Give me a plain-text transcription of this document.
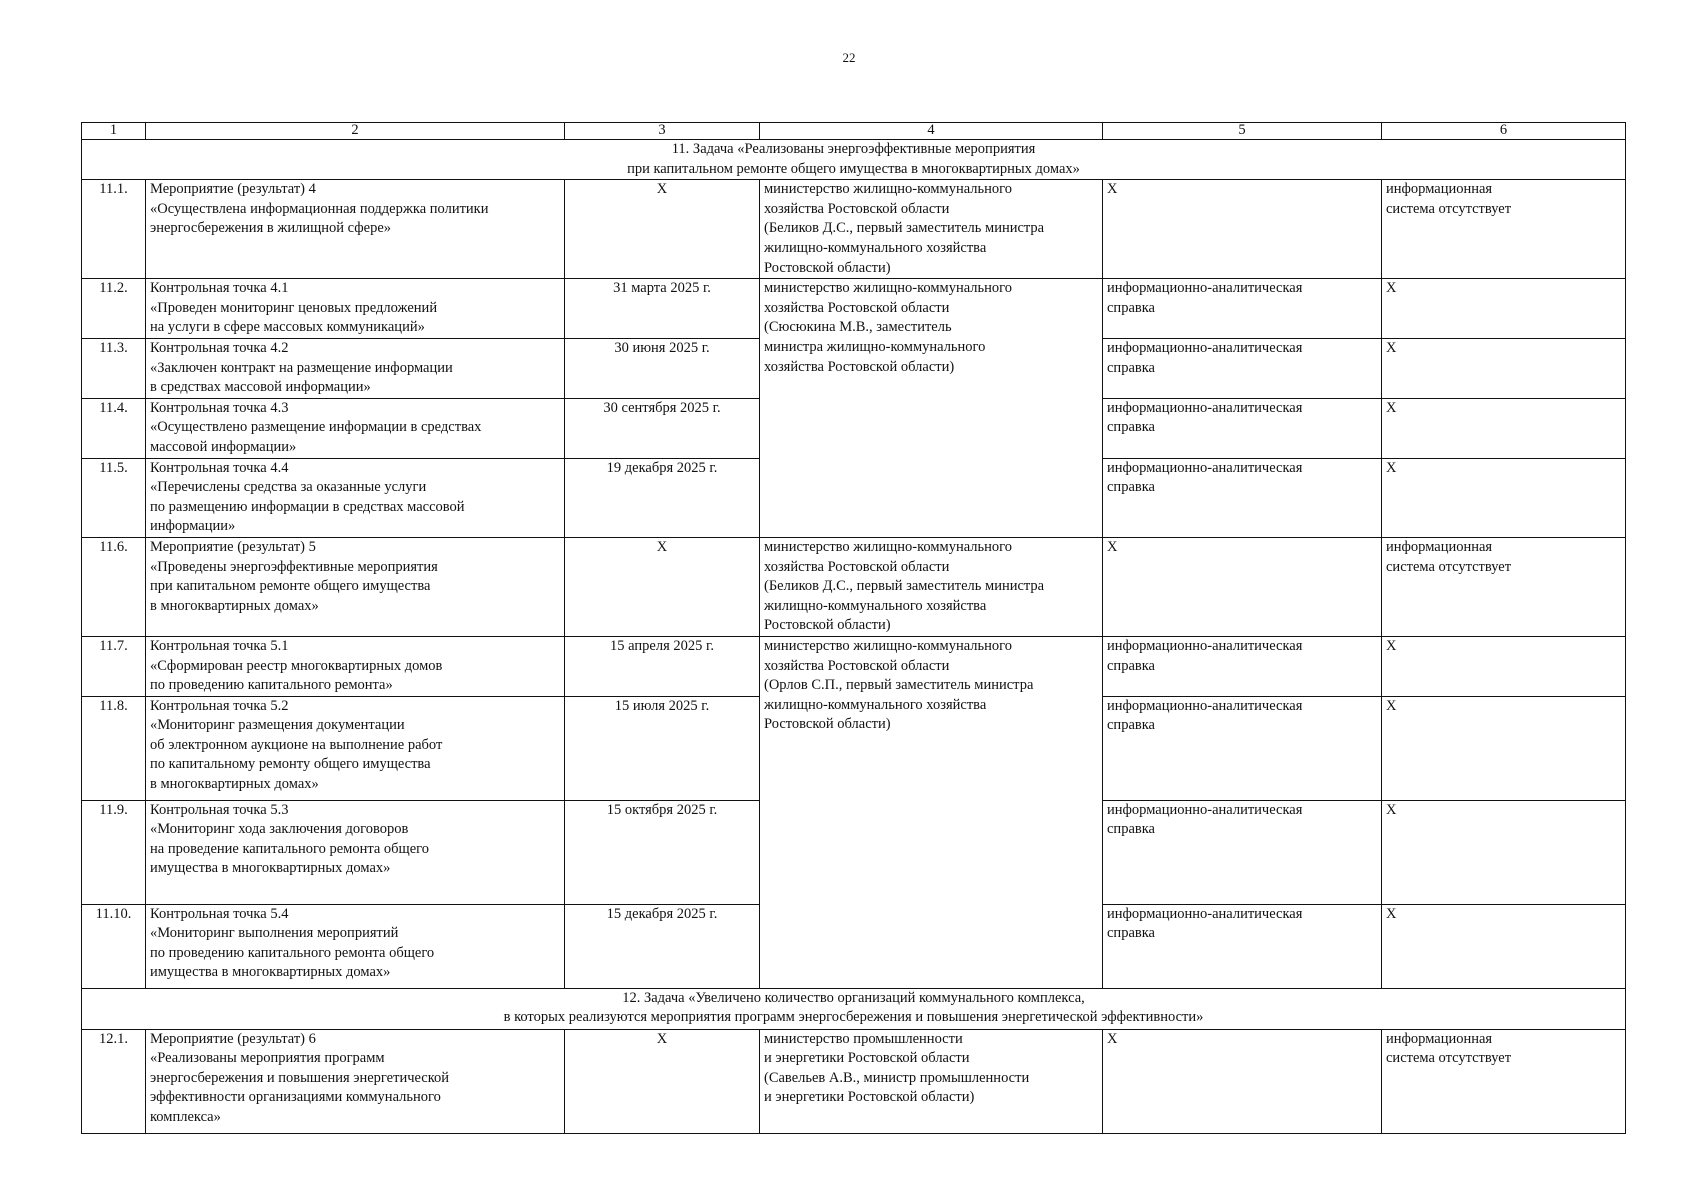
22
1	2	3	4	5	6
11. Задача «Реализованы энергоэффективные мероприятия
при капитальном ремонте общего имущества в многоквартирных домах»					
11.1.	Мероприятие (результат) 4
«Осуществлена информационная поддержка политики
энергосбережения в жилищной сфере»	X	министерство жилищно-коммунального
хозяйства Ростовской области
(Беликов Д.С., первый заместитель министра
жилищно-коммунального хозяйства
Ростовской области)	X	информационная
система отсутствует
11.2.	Контрольная точка 4.1
«Проведен мониторинг ценовых предложений
на услуги в сфере массовых коммуникаций»	31 марта 2025 г.	министерство жилищно-коммунального
хозяйства Ростовской области
(Сюсюкина М.В., заместитель
министра жилищно-коммунального
хозяйства Ростовской области)	информационно-аналитическая
справка	X
11.3.	Контрольная точка 4.2
«Заключен контракт на размещение информации
в средствах массовой информации»	30 июня 2025 г.		информационно-аналитическая
справка	X
11.4.	Контрольная точка 4.3
«Осуществлено размещение информации в средствах
массовой информации»	30 сентября 2025 г.		информационно-аналитическая
справка	X
11.5.	Контрольная точка 4.4
«Перечислены средства за оказанные услуги
по размещению информации в средствах массовой
информации»	19 декабря 2025 г.		информационно-аналитическая
справка	X
11.6.	Мероприятие (результат) 5
«Проведены энергоэффективные мероприятия
при капитальном ремонте общего имущества
в многоквартирных домах»	X	министерство жилищно-коммунального
хозяйства Ростовской области
(Беликов Д.С., первый заместитель министра
жилищно-коммунального хозяйства
Ростовской области)	X	информационная
система отсутствует
11.7.	Контрольная точка 5.1
«Сформирован реестр многоквартирных домов
по проведению капитального ремонта»	15 апреля 2025 г.	министерство жилищно-коммунального
хозяйства Ростовской области
(Орлов С.П., первый заместитель министра
жилищно-коммунального хозяйства
Ростовской области)	информационно-аналитическая
справка	X
11.8.	Контрольная точка 5.2
«Мониторинг размещения документации
об электронном аукционе на выполнение работ
по капитальному ремонту общего имущества
в многоквартирных домах»	15 июля 2025 г.		информационно-аналитическая
справка	X
11.9.	Контрольная точка 5.3
«Мониторинг хода заключения договоров
на проведение капитального ремонта общего
имущества в многоквартирных домах»	15 октября 2025 г.		информационно-аналитическая
справка	X
11.10.	Контрольная точка 5.4
«Мониторинг выполнения мероприятий
по проведению капитального ремонта общего
имущества в многоквартирных домах»	15 декабря 2025 г.		информационно-аналитическая
справка	X
12. Задача «Увеличено количество организаций коммунального комплекса,
в которых реализуются мероприятия программ энергосбережения и повышения энергетической эффективности»					
12.1.	Мероприятие (результат) 6
«Реализованы мероприятия программ
энергосбережения и повышения энергетической
эффективности организациями коммунального
комплекса»	X	министерство промышленности
и энергетики Ростовской области
(Савельев А.В., министр промышленности
и энергетики Ростовской области)	X	информационная
система отсутствует
